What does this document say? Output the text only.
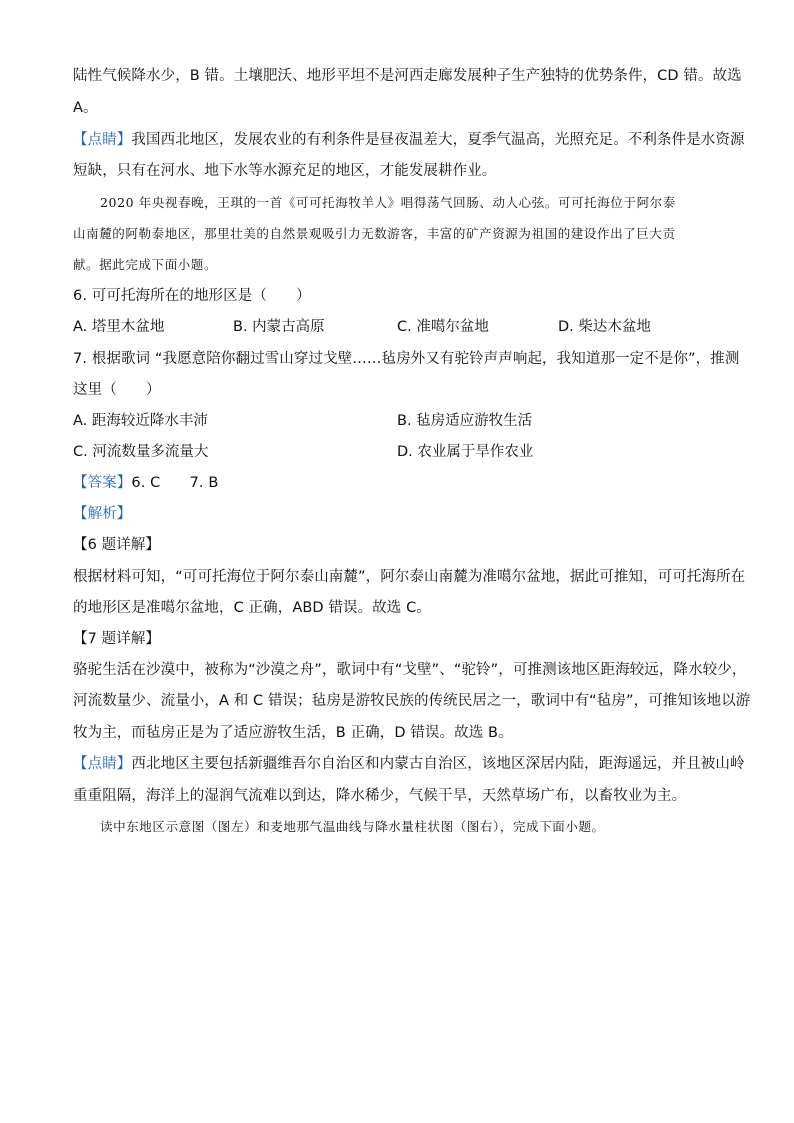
陆性气候降水少，B 错。土壤肥沃、地形平坦不是河西走廊发展种子生产独特的优势条件，CD 错。故选
A。
【点睛】我国西北地区，发展农业的有利条件是昼夜温差大，夏季气温高，光照充足。不利条件是水资源
短缺，只有在河水、地下水等水源充足的地区，才能发展耕作业。
2020 年央视春晚，王琪的一首《可可托海牧羊人》唱得荡气回肠、动人心弦。可可托海位于阿尔泰
山南麓的阿勒泰地区，那里壮美的自然景观吸引力无数游客，丰富的矿产资源为祖国的建设作出了巨大贡
献。据此完成下面小题。
6. 可可托海所在的地形区是（　　）
A. 塔里木盆地	B. 内蒙古高原	C. 准噶尔盆地	D. 柴达木盆地
7. 根据歌词 “我愿意陪你翻过雪山穿过戈壁……毡房外又有驼铃声声响起，我知道那一定不是你”，推测
这里（　　）
A. 距海较近降水丰沛	B. 毡房适应游牧生活
C. 河流数量多流量大	D. 农业属于旱作农业
【答案】6. C　　7. B
【解析】
【6 题详解】
根据材料可知，“可可托海位于阿尔泰山南麓”，阿尔泰山南麓为准噶尔盆地，据此可推知，可可托海所在
的地形区是准噶尔盆地，C 正确，ABD 错误。故选 C。
【7 题详解】
骆驼生活在沙漠中，被称为“沙漠之舟”，歌词中有“戈壁”、“驼铃”，可推测该地区距海较远，降水较少，
河流数量少、流量小，A 和 C 错误；毡房是游牧民族的传统民居之一，歌词中有“毡房”，可推知该地以游
牧为主，而毡房正是为了适应游牧生活，B 正确，D 错误。故选 B。
【点睛】西北地区主要包括新疆维吾尔自治区和内蒙古自治区，该地区深居内陆，距海遥远，并且被山岭
重重阻隔，海洋上的湿润气流难以到达，降水稀少，气候干旱，天然草场广布，以畜牧业为主。
读中东地区示意图（图左）和麦地那气温曲线与降水量柱状图（图右），完成下面小题。
